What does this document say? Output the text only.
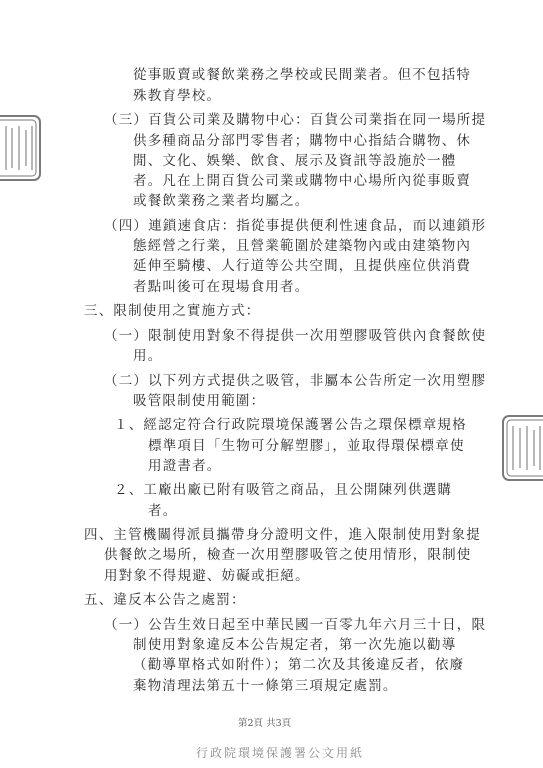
從事販賣或餐飲業務之學校或民間業者。但不包括特
殊教育學校。
（三）百貨公司業及購物中心：百貨公司業指在同一場所提
供多種商品分部門零售者；購物中心指結合購物、休
閒、文化、娛樂、飲食、展示及資訊等設施於一體
者。凡在上開百貨公司業或購物中心場所內從事販賣
或餐飲業務之業者均屬之。
（四）連鎖速食店：指從事提供便利性速食品，而以連鎖形
態經營之行業，且營業範圍於建築物內或由建築物內
延伸至騎樓、人行道等公共空間，且提供座位供消費
者點叫後可在現場食用者。
三、限制使用之實施方式：
（一）限制使用對象不得提供一次用塑膠吸管供內食餐飲使
用。
（二）以下列方式提供之吸管，非屬本公告所定一次用塑膠
吸管限制使用範圍：
１、經認定符合行政院環境保護署公告之環保標章規格
標準項目「生物可分解塑膠」，並取得環保標章使
用證書者。
２、工廠出廠已附有吸管之商品，且公開陳列供選購
者。
四、主管機關得派員攜帶身分證明文件，進入限制使用對象提
供餐飲之場所，檢查一次用塑膠吸管之使用情形，限制使
用對象不得規避、妨礙或拒絕。
五、違反本公告之處罰：
（一）公告生效日起至中華民國一百零九年六月三十日，限
制使用對象違反本公告規定者，第一次先施以勸導
（勸導單格式如附件）；第二次及其後違反者，依廢
棄物清理法第五十一條第三項規定處罰。
第2頁 共3頁
行政院環境保護署公文用紙
